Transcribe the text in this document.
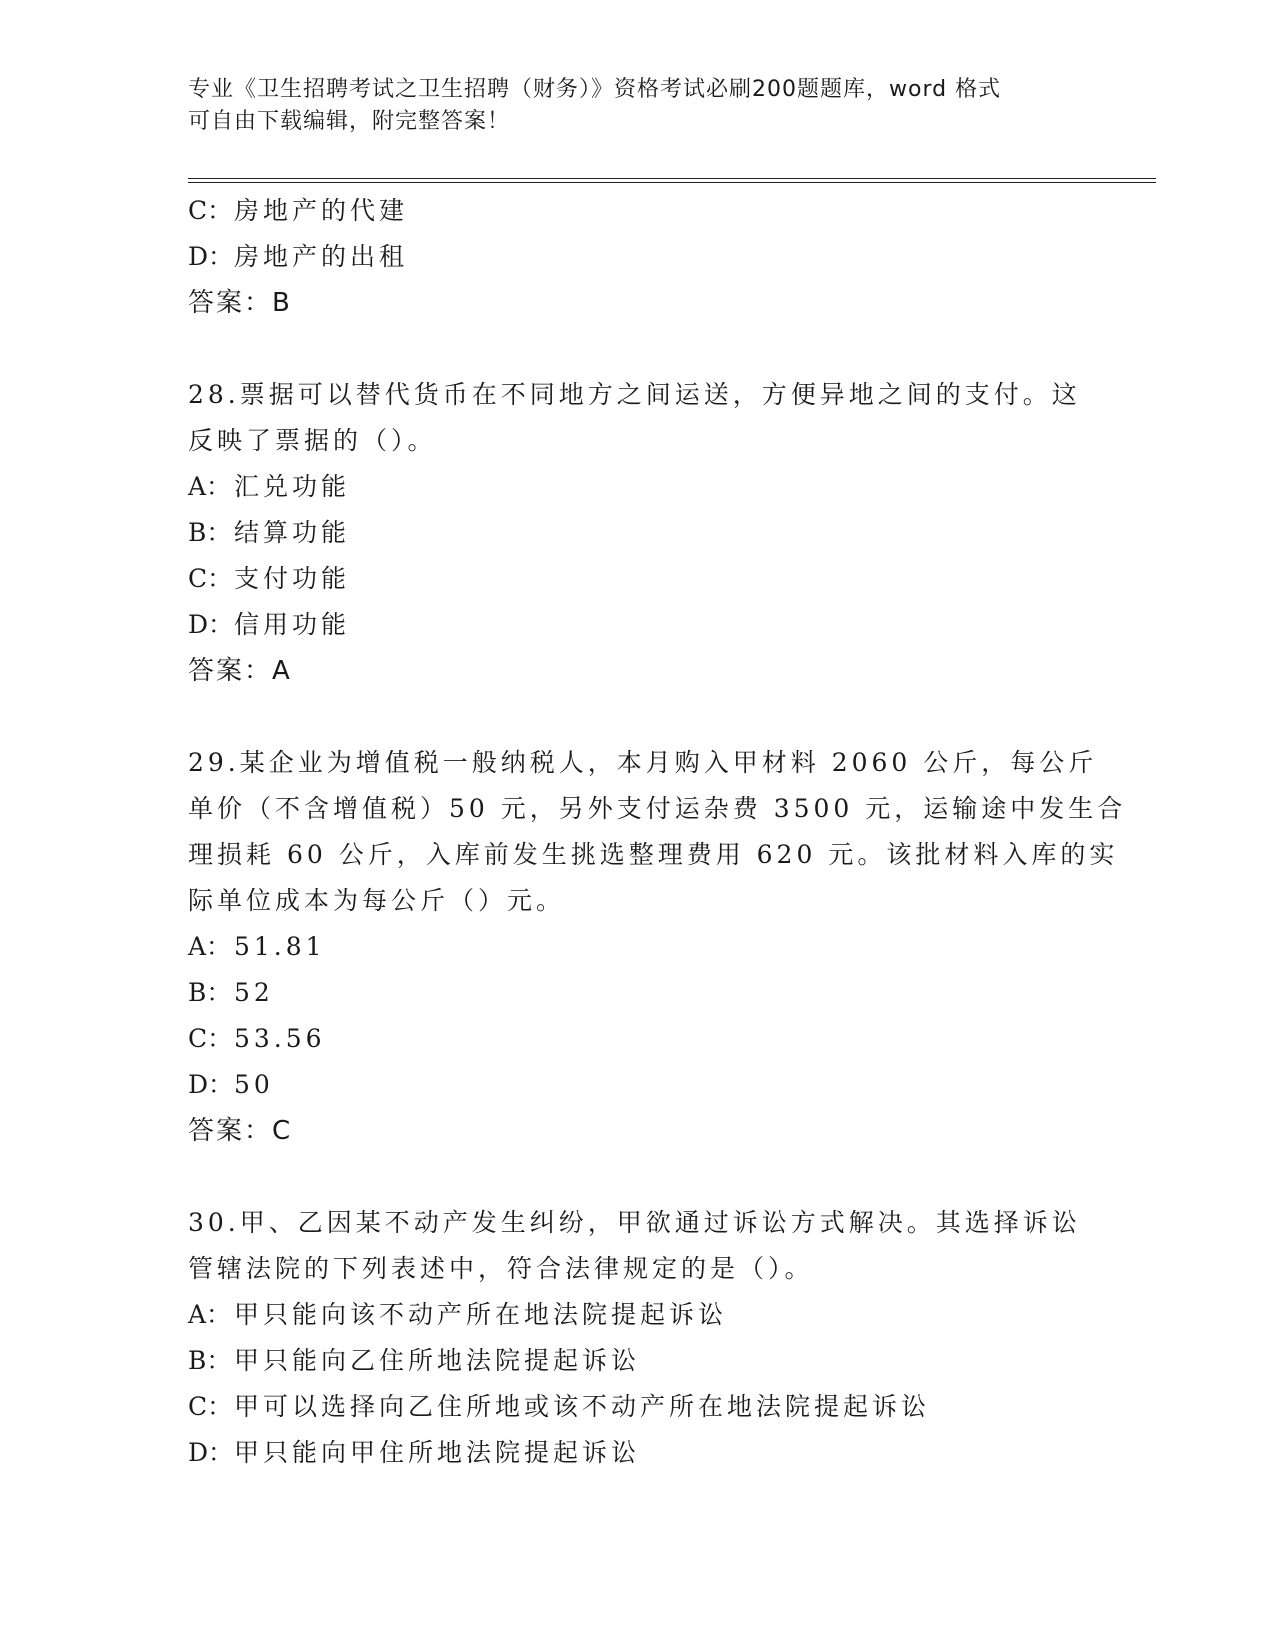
专业《卫生招聘考试之卫生招聘（财务）》资格考试必刷200题题库，word 格式
可自由下载编辑，附完整答案！
C：房地产的代建
D：房地产的出租
答案：B
28.票据可以替代货币在不同地方之间运送，方便异地之间的支付。这
反映了票据的（）。
A： 汇兑功能
B： 结算功能
C：支付功能
D：信用功能
答案：A
29.某企业为增值税一般纳税人，本月购入甲材料 2060 公斤，每公斤
单价（不含增值税）50 元，另外支付运杂费 3500 元，运输途中发生合
理损耗 60 公斤，入库前发生挑选整理费用 620 元。该批材料入库的实
际单位成本为每公斤（）元。
A： 51.81
B： 52
C：53.56
D：50
答案：C
30.甲、乙因某不动产发生纠纷，甲欲通过诉讼方式解决。其选择诉讼
管辖法院的下列表述中，符合法律规定的是（）。
A： 甲只能向该不动产所在地法院提起诉讼
B： 甲只能向乙住所地法院提起诉讼
C：甲可以选择向乙住所地或该不动产所在地法院提起诉讼
D：甲只能向甲住所地法院提起诉讼
